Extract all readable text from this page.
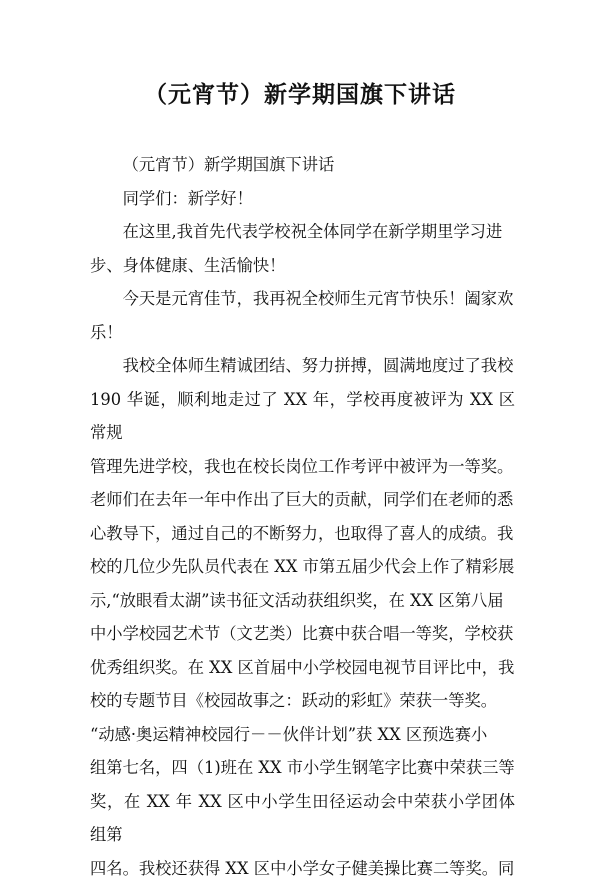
（元宵节）新学期国旗下讲话

（元宵节）新学期国旗下讲话

同学们：新学好！

在这里,我首先代表学校祝全体同学在新学期里学习进
步、身体健康、生活愉快！

今天是元宵佳节，我再祝全校师生元宵节快乐！阖家欢
乐！

我校全体师生精诚团结、努力拼搏，圆满地度过了我校
190 华诞，顺利地走过了 XX 年，学校再度被评为 XX 区常规
管理先进学校，我也在校长岗位工作考评中被评为一等奖。
老师们在去年一年中作出了巨大的贡献，同学们在老师的悉
心教导下，通过自己的不断努力，也取得了喜人的成绩。我
校的几位少先队员代表在 XX 市第五届少代会上作了精彩展
示,“放眼看太湖”读书征文活动获组织奖，在 XX 区第八届
中小学校园艺术节（文艺类）比赛中获合唱一等奖，学校获
优秀组织奖。在 XX 区首届中小学校园电视节目评比中，我
校的专题节目《校园故事之：跃动的彩虹》荣获一等奖。
“动感·奥运精神校园行－－伙伴计划”获 XX 区预选赛小
组第七名，四（1)班在 XX 市小学生钢笔字比赛中荣获三等
奖，在 XX 年 XX 区中小学生田径运动会中荣获小学团体组第
四名。我校还获得 XX 区中小学女子健美操比赛二等奖。同
